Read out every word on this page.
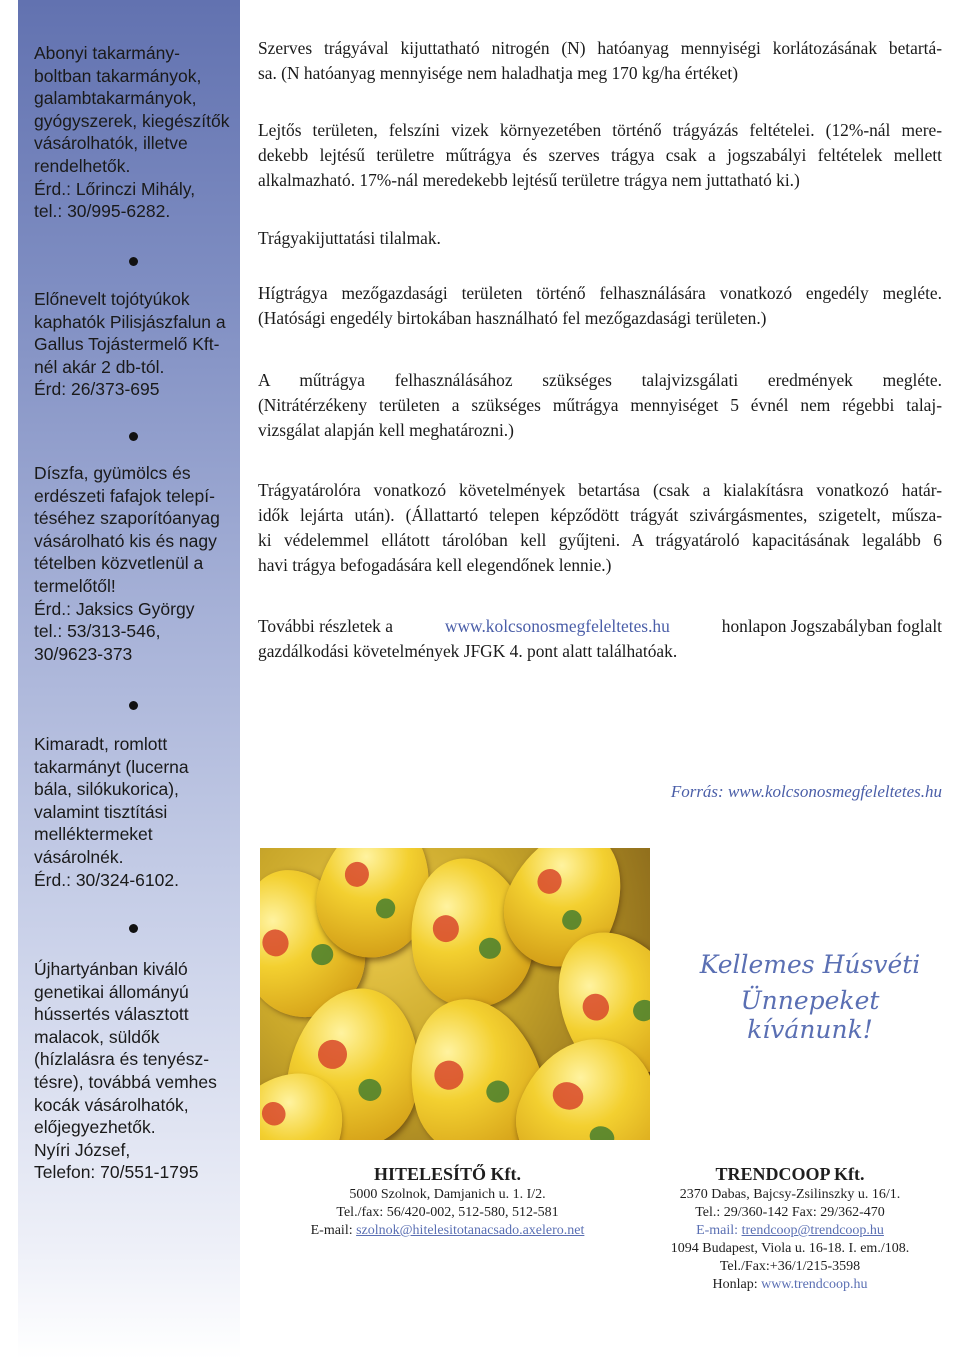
Abonyi takarmány-
boltban takarmányok,
galambtakarmányok,
gyógyszerek, kiegészítők
vásárolhatók, illetve
rendelhetők.
Érd.: Lőrinczi Mihály,
tel.: 30/995-6282.
Előnevelt tojótyúkok
kaphatók Pilisjászfalun a
Gallus Tojástermelő Kft-
nél akár 2 db-tól.
Érd: 26/373-695
Díszfa, gyümölcs és
erdészeti fafajok telepí-
téséhez szaporítóanyag
vásárolható kis és nagy
tételben közvetlenül a
termelőtől!
Érd.: Jaksics György
tel.: 53/313-546,
30/9623-373
Kimaradt, romlott
takarmányt (lucerna
bála, silókukorica),
valamint tisztítási
melléktermeket
vásárolnék.
Érd.: 30/324-6102.
Újhartyánban kiváló
genetikai állományú
hússertés választott
malacok, süldők
(hízlalásra és tenyész-
tésre), továbbá vemhes
kocák vásárolhatók,
előjegyezhetők.
Nyíri József,
Telefon: 70/551-1795

Szerves trágyával kijuttatható nitrogén (N) hatóanyag mennyiségi korlátozásának betartá-
sa. (N hatóanyag mennyisége nem haladhatja meg 170 kg/ha értéket)

Lejtős területen, felszíni vizek környezetében történő trágyázás feltételei. (12%-nál mere-
dekebb lejtésű területre műtrágya és szerves trágya csak a jogszabályi feltételek mellett
alkalmazható. 17%-nál meredekebb lejtésű területre trágya nem juttatható ki.)

Trágyakijuttatási tilalmak.

Hígtrágya mezőgazdasági területen történő felhasználására vonatkozó engedély megléte.
(Hatósági engedély birtokában használható fel mezőgazdasági területen.)

A műtrágya felhasználásához szükséges talajvizsgálati eredmények megléte.
(Nitrátérzékeny területen a szükséges műtrágya mennyiséget 5 évnél nem régebbi talaj-
vizsgálat alapján kell meghatározni.)

Trágyatárolóra vonatkozó követelmények betartása (csak a kialakításra vonatkozó határ-
idők lejárta után). (Állattartó telepen képződött trágyát szivárgásmentes, szigetelt, műsza-
ki védelemmel ellátott tárolóban kell gyűjteni. A trágyatároló kapacitásának legalább 6
havi trágya befogadására kell elegendőnek lennie.)

További részletek a	www.kolcsonosmegfeleltetes.hu	honlapon Jogszabályban foglalt
gazdálkodási követelmények JFGK 4. pont alatt találhatóak.

Forrás: www.kolcsonosmegfeleltetes.hu
Kellemes Húsvéti
Ünnepeket kívánunk!
HITELESÍTŐ Kft.
5000 Szolnok, Damjanich u. 1. I/2.
Tel./fax: 56/420-002, 512-580, 512-581
E-mail: szolnok@hitelesitotanacsado.axelero.net
TRENDCOOP Kft.
2370 Dabas, Bajcsy-Zsilinszky u. 16/1.
Tel.: 29/360-142 Fax: 29/362-470
E-mail: trendcoop@trendcoop.hu
1094 Budapest, Viola u. 16-18. I. em./108.
Tel./Fax:+36/1/215-3598
Honlap: www.trendcoop.hu
